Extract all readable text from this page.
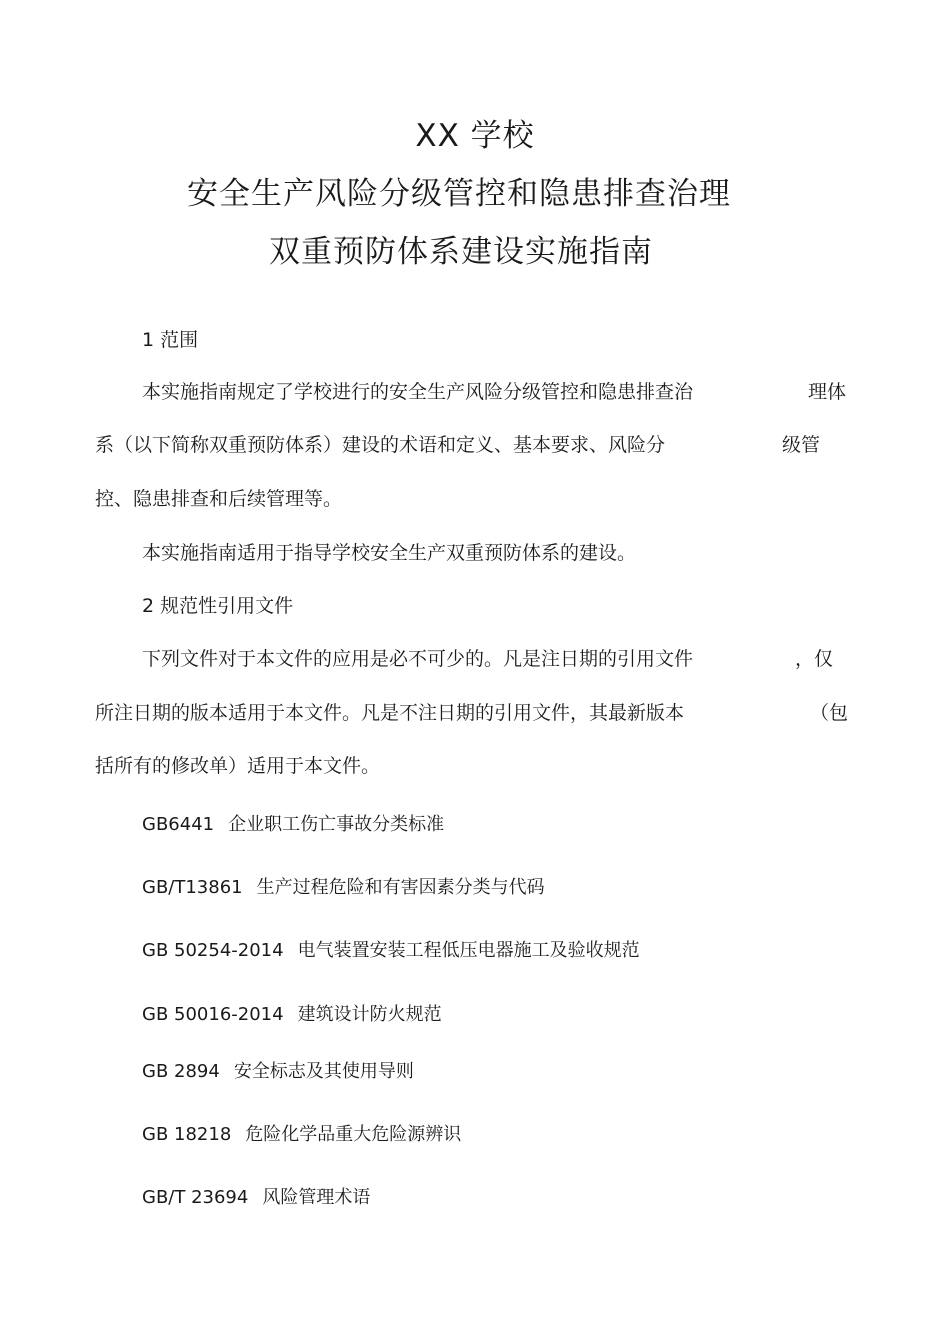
XX 学校
安全生产风险分级管控和隐患排查治理
双重预防体系建设实施指南
1 范围
本实施指南规定了学校进行的安全生产风险分级管控和隐患排查治	理体
系（以下简称双重预防体系）建设的术语和定义、基本要求、风险分	级管
控、隐患排查和后续管理等。
本实施指南适用于指导学校安全生产双重预防体系的建设。
2 规范性引用文件
下列文件对于本文件的应用是必不可少的。凡是注日期的引用文件	，仅
所注日期的版本适用于本文件。凡是不注日期的引用文件，其最新版本	（包
括所有的修改单）适用于本文件。
GB6441 企业职工伤亡事故分类标准
GB/T13861 生产过程危险和有害因素分类与代码
GB 50254-2014 电气装置安装工程低压电器施工及验收规范
GB 50016-2014 建筑设计防火规范
GB 2894 安全标志及其使用导则
GB 18218 危险化学品重大危险源辨识
GB/T 23694 风险管理术语
